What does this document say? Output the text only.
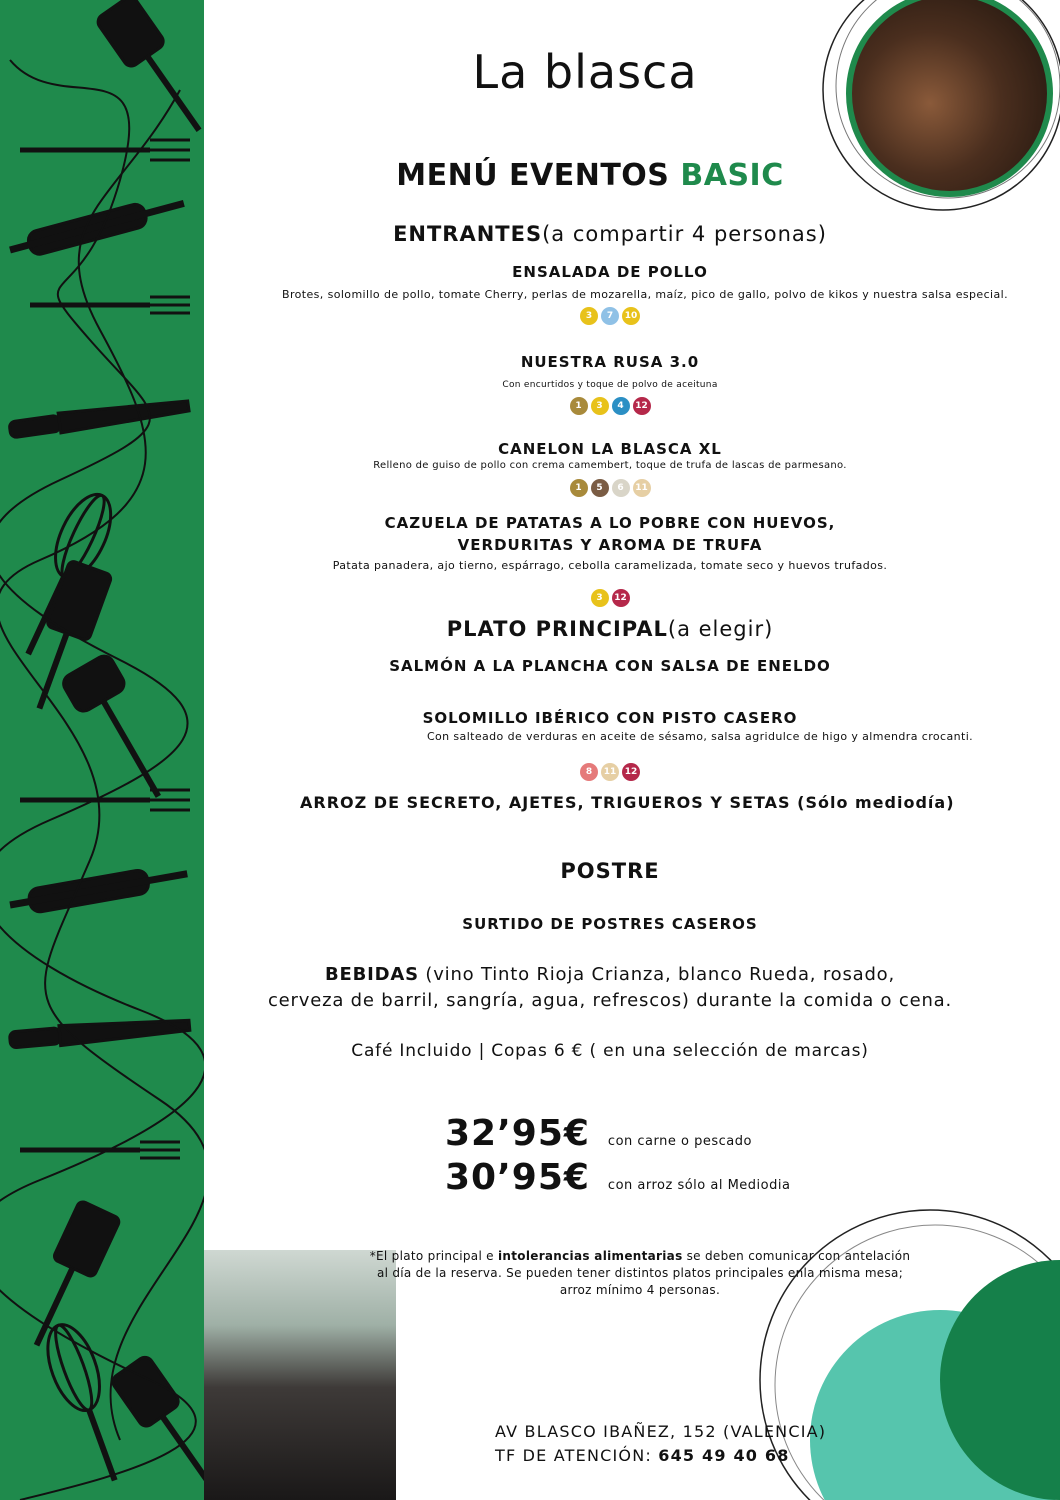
La blasca
MENÚ EVENTOS BASIC
ENTRANTES(a compartir 4 personas)
ENSALADA DE POLLO
Brotes, solomillo de pollo, tomate Cherry, perlas de mozarella, maíz, pico de gallo, polvo de kikos y nuestra salsa especial.
3	7	10
NUESTRA RUSA 3.0
Con encurtidos y toque de polvo de aceituna
1	3	4	12
CANELON LA BLASCA XL
Relleno de guiso de pollo con crema camembert, toque de trufa de lascas de parmesano.
1	5	6	11
CAZUELA DE PATATAS A LO POBRE CON HUEVOS,
VERDURITAS Y AROMA DE TRUFA
Patata panadera, ajo tierno, espárrago, cebolla caramelizada, tomate seco y huevos trufados.
3	12
PLATO PRINCIPAL(a elegir)
SALMÓN A LA PLANCHA CON SALSA DE ENELDO
SOLOMILLO IBÉRICO CON PISTO CASERO
Con salteado de verduras en aceite de sésamo, salsa agridulce de higo y almendra crocanti.
8	11 12
ARROZ DE SECRETO, AJETES, TRIGUEROS Y SETAS (Sólo mediodía)
POSTRE
SURTIDO DE POSTRES CASEROS
BEBIDAS (vino Tinto Rioja Crianza, blanco Rueda, rosado,
cerveza de barril, sangría, agua, refrescos) durante la comida o cena.
Café Incluido | Copas 6 € ( en una selección de marcas)
32’95€ con carne o pescado
30’95€ con arroz sólo al Mediodia
*El plato principal e intolerancias alimentarias se deben comunicar con antelación
al día de la reserva. Se pueden tener distintos platos principales enla misma mesa;
arroz mínimo 4 personas.
AV BLASCO IBAÑEZ, 152 (VALENCIA)
TF DE ATENCIÓN: 645 49 40 68
